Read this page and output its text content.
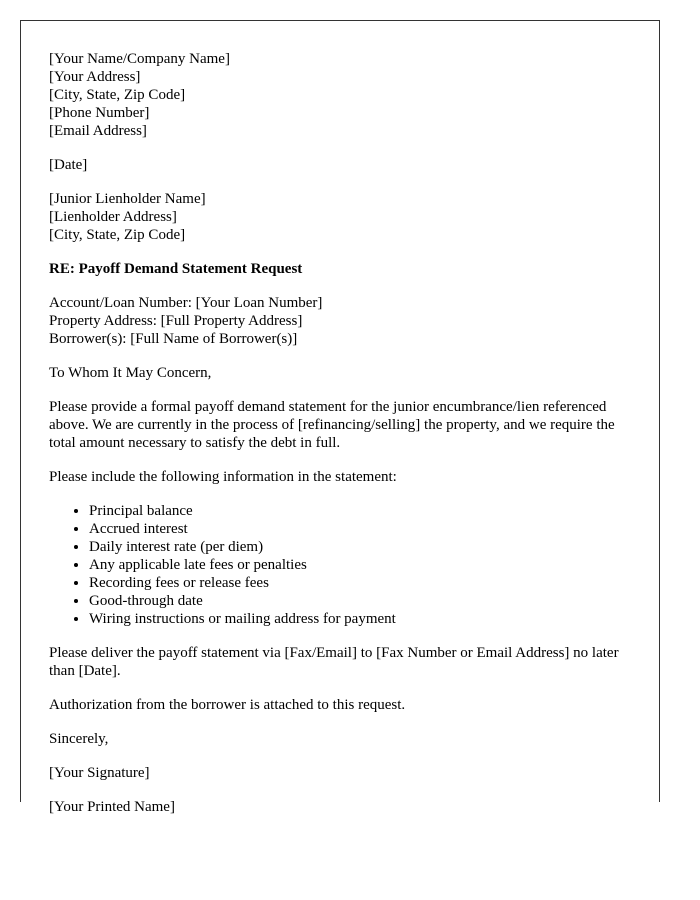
[Your Name/Company Name]
[Your Address]
[City, State, Zip Code]
[Phone Number]
[Email Address]
[Date]
[Junior Lienholder Name]
[Lienholder Address]
[City, State, Zip Code]
RE: Payoff Demand Statement Request
Account/Loan Number: [Your Loan Number]
Property Address: [Full Property Address]
Borrower(s): [Full Name of Borrower(s)]

To Whom It May Concern,

Please provide a formal payoff demand statement for the junior encumbrance/lien referenced above. We are currently in the process of [refinancing/selling] the property, and we require the total amount necessary to satisfy the debt in full.

Please include the following information in the statement:

• Principal balance
• Accrued interest
• Daily interest rate (per diem)
• Any applicable late fees or penalties
• Recording fees or release fees
• Good-through date
• Wiring instructions or mailing address for payment

Please deliver the payoff statement via [Fax/Email] to [Fax Number or Email Address] no later than [Date].

Authorization from the borrower is attached to this request.

Sincerely,

[Your Signature]

[Your Printed Name]
